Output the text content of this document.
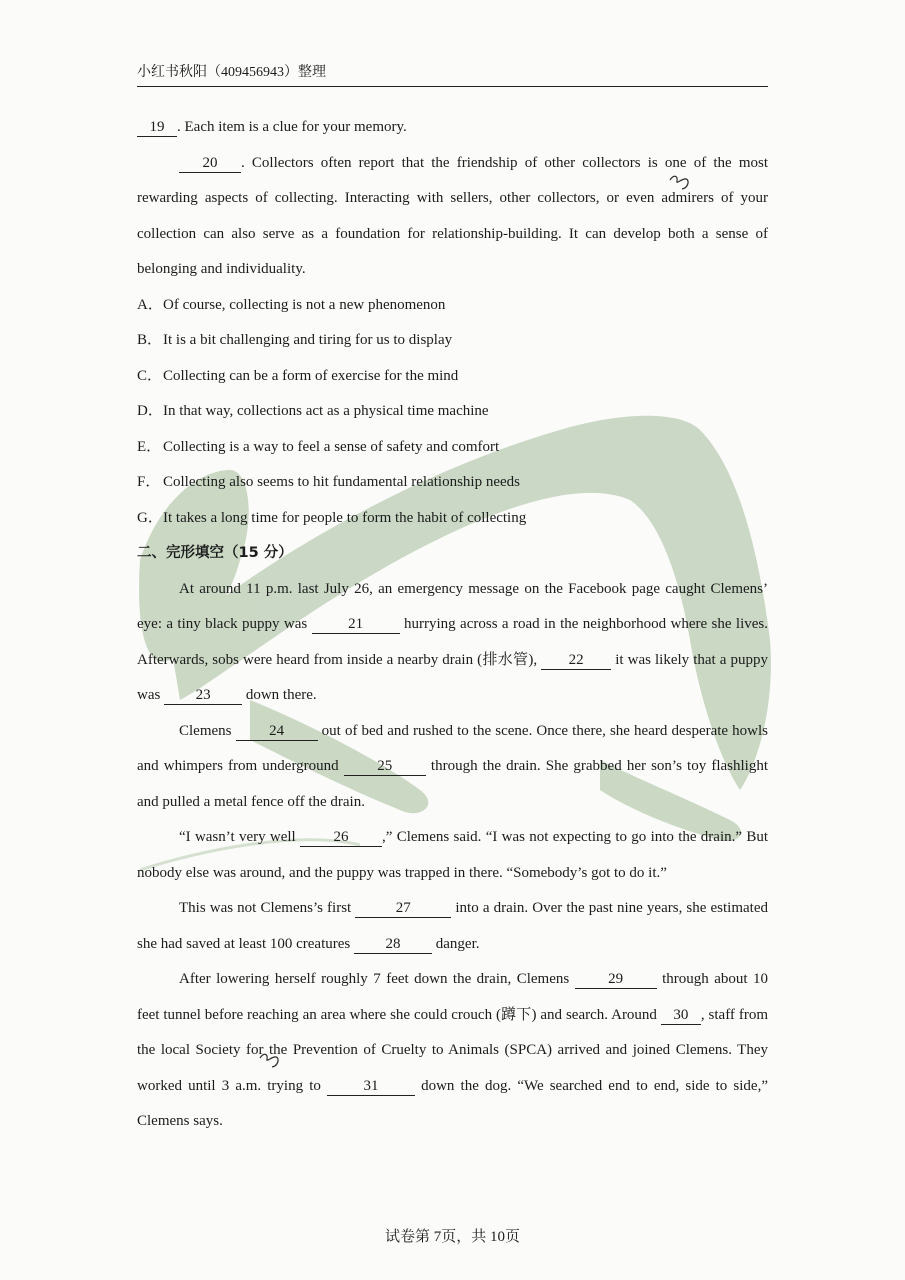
小红书秋阳（409456943）整理

19 . Each item is a clue for your memory.

20 . Collectors often report that the friendship of other collectors is one of the most rewarding aspects of collecting. Interacting with sellers, other collectors, or even admirers of your collection can also serve as a foundation for relationship-building. It can develop both a sense of belonging and individuality.

A．Of course, collecting is not a new phenomenon

B．It is a bit challenging and tiring for us to display

C．Collecting can be a form of exercise for the mind

D．In that way, collections act as a physical time machine

E． Collecting is a way to feel a sense of safety and comfort

F． Collecting also seems to hit fundamental relationship needs

G．It takes a long time for people to form the habit of collecting

二、完形填空（15 分）

At around 11 p.m. last July 26, an emergency message on the Facebook page caught Clemens’ eye: a tiny black puppy was 21 hurrying across a road in the neighborhood where she lives. Afterwards, sobs were heard from inside a nearby drain (排水管), 22 it was likely that a puppy was 23 down there.

Clemens 24 out of bed and rushed to the scene. Once there, she heard desperate howls and whimpers from underground 25 through the drain. She grabbed her son’s toy flashlight and pulled a metal fence off the drain.

“I wasn’t very well 26 ,” Clemens said. “I was not expecting to go into the drain.” But nobody else was around, and the puppy was trapped in there. “Somebody’s got to do it.”

This was not Clemens’s first	27	into a drain. Over the past nine years, she estimated she had saved at least 100 creatures 28 danger.

After lowering herself roughly 7 feet down the drain, Clemens 29 through about 10 feet tunnel before reaching an area where she could crouch (蹲下) and search. Around 30 , staff from the local Society for the Prevention of Cruelty to Animals (SPCA) arrived and joined Clemens. They worked until 3 a.m. trying to 31 down the dog. “We searched end to end, side to side,” Clemens says.

试卷第 7页，共 10页
